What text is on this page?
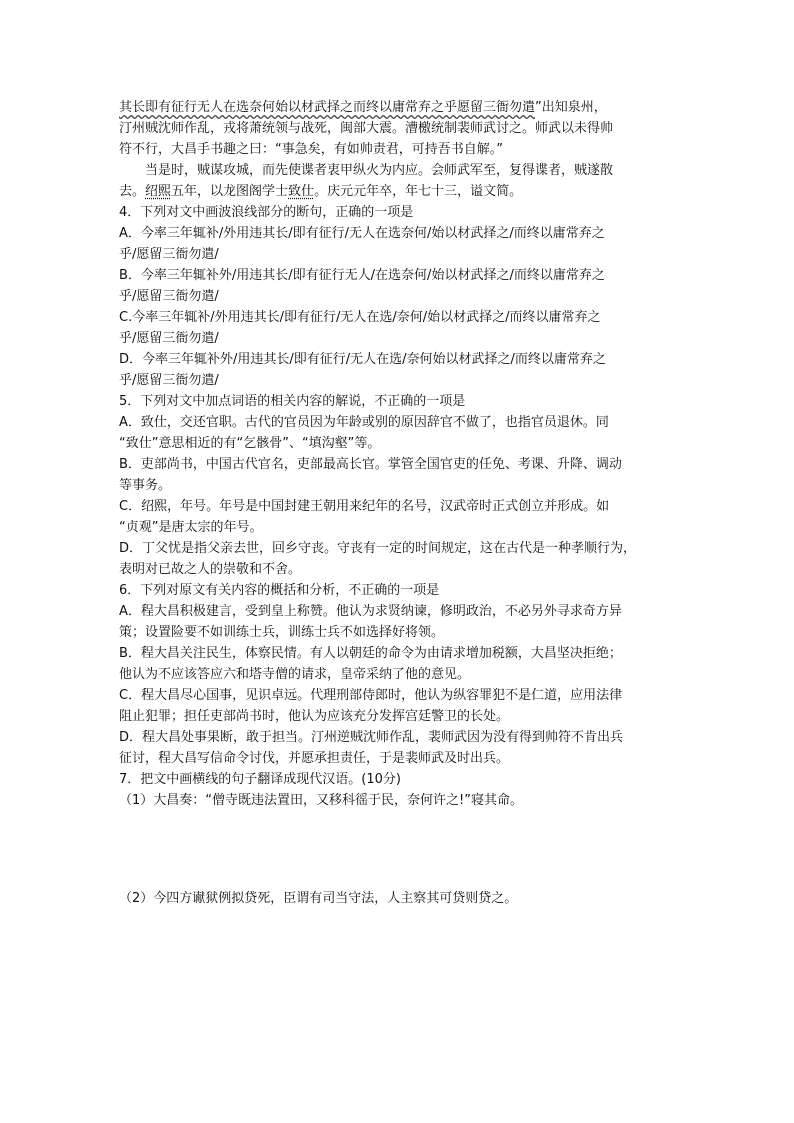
其长即有征行无人在选奈何始以材武择之而终以庸常弃之乎愿留三衙勿遣”出知泉州，
汀州贼沈师作乱，戎将萧统领与战死，闽部大震。漕檄统制裴师武讨之。师武以未得帅
符不行，大昌手书趣之曰：“事急矣，有如帅责君，可持吾书自解。”
当是时，贼谋攻城，而先使谍者衷甲纵火为内应。会师武军至，复得谍者，贼遂散
去。绍熙五年，以龙图阁学士致仕。庆元元年卒，年七十三，谥文简。
4．下列对文中画波浪线部分的断句，正确的一项是
A．今率三年辄补/外用违其长/即有征行/无人在选奈何/始以材武择之/而终以庸常弃之
乎/愿留三衙勿遣/
B．今率三年辄补外/用违其长/即有征行无人/在选奈何/始以材武择之/而终以庸常弃之
乎/愿留三衙勿遣/
C.今率三年辄补/外用违其长/即有征行/无人在选/奈何/始以材武择之/而终以庸常弃之
乎/愿留三衙勿遣/
D．今率三年辄补外/用违其长/即有征行/无人在选/奈何始以材武择之/而终以庸常弃之
乎/愿留三衙勿遣/
5．下列对文中加点词语的相关内容的解说，不正确的一项是
A．致仕，交还官职。古代的官员因为年龄或别的原因辞官不做了，也指官员退休。同
“致仕”意思相近的有“乞骸骨”、“填沟壑”等。
B．吏部尚书，中国古代官名，吏部最高长官。掌管全国官吏的任免、考课、升降、调动
等事务。
C．绍熙，年号。年号是中国封建王朝用来纪年的名号，汉武帝时正式创立并形成。如
“贞观”是唐太宗的年号。
D．丁父忧是指父亲去世，回乡守丧。守丧有一定的时间规定，这在古代是一种孝顺行为，
表明对已故之人的崇敬和不舍。
6．下列对原文有关内容的概括和分析，不正确的一项是
A．程大昌积极建言，受到皇上称赞。他认为求贤纳谏，修明政治，不必另外寻求奇方异
策；设置险要不如训练士兵，训练士兵不如选择好将领。
B．程大昌关注民生，体察民情。有人以朝廷的命令为由请求增加税额，大昌坚决拒绝；
他认为不应该答应六和塔寺僧的请求，皇帝采纳了他的意见。
C．程大昌尽心国事，见识卓远。代理刑部侍郎时，他认为纵容罪犯不是仁道，应用法律
阻止犯罪；担任吏部尚书时，他认为应该充分发挥宫廷警卫的长处。
D．程大昌处事果断，敢于担当。汀州逆贼沈师作乱，裴师武因为没有得到帅符不肯出兵
征讨，程大昌写信命令讨伐，并愿承担责任，于是裴师武及时出兵。
7．把文中画横线的句子翻译成现代汉语。(10分)
（1）大昌奏：“僧寺既违法置田，又移科徭于民，奈何许之!”寝其命。
（2）今四方谳狱例拟贷死，臣谓有司当守法，人主察其可贷则贷之。
